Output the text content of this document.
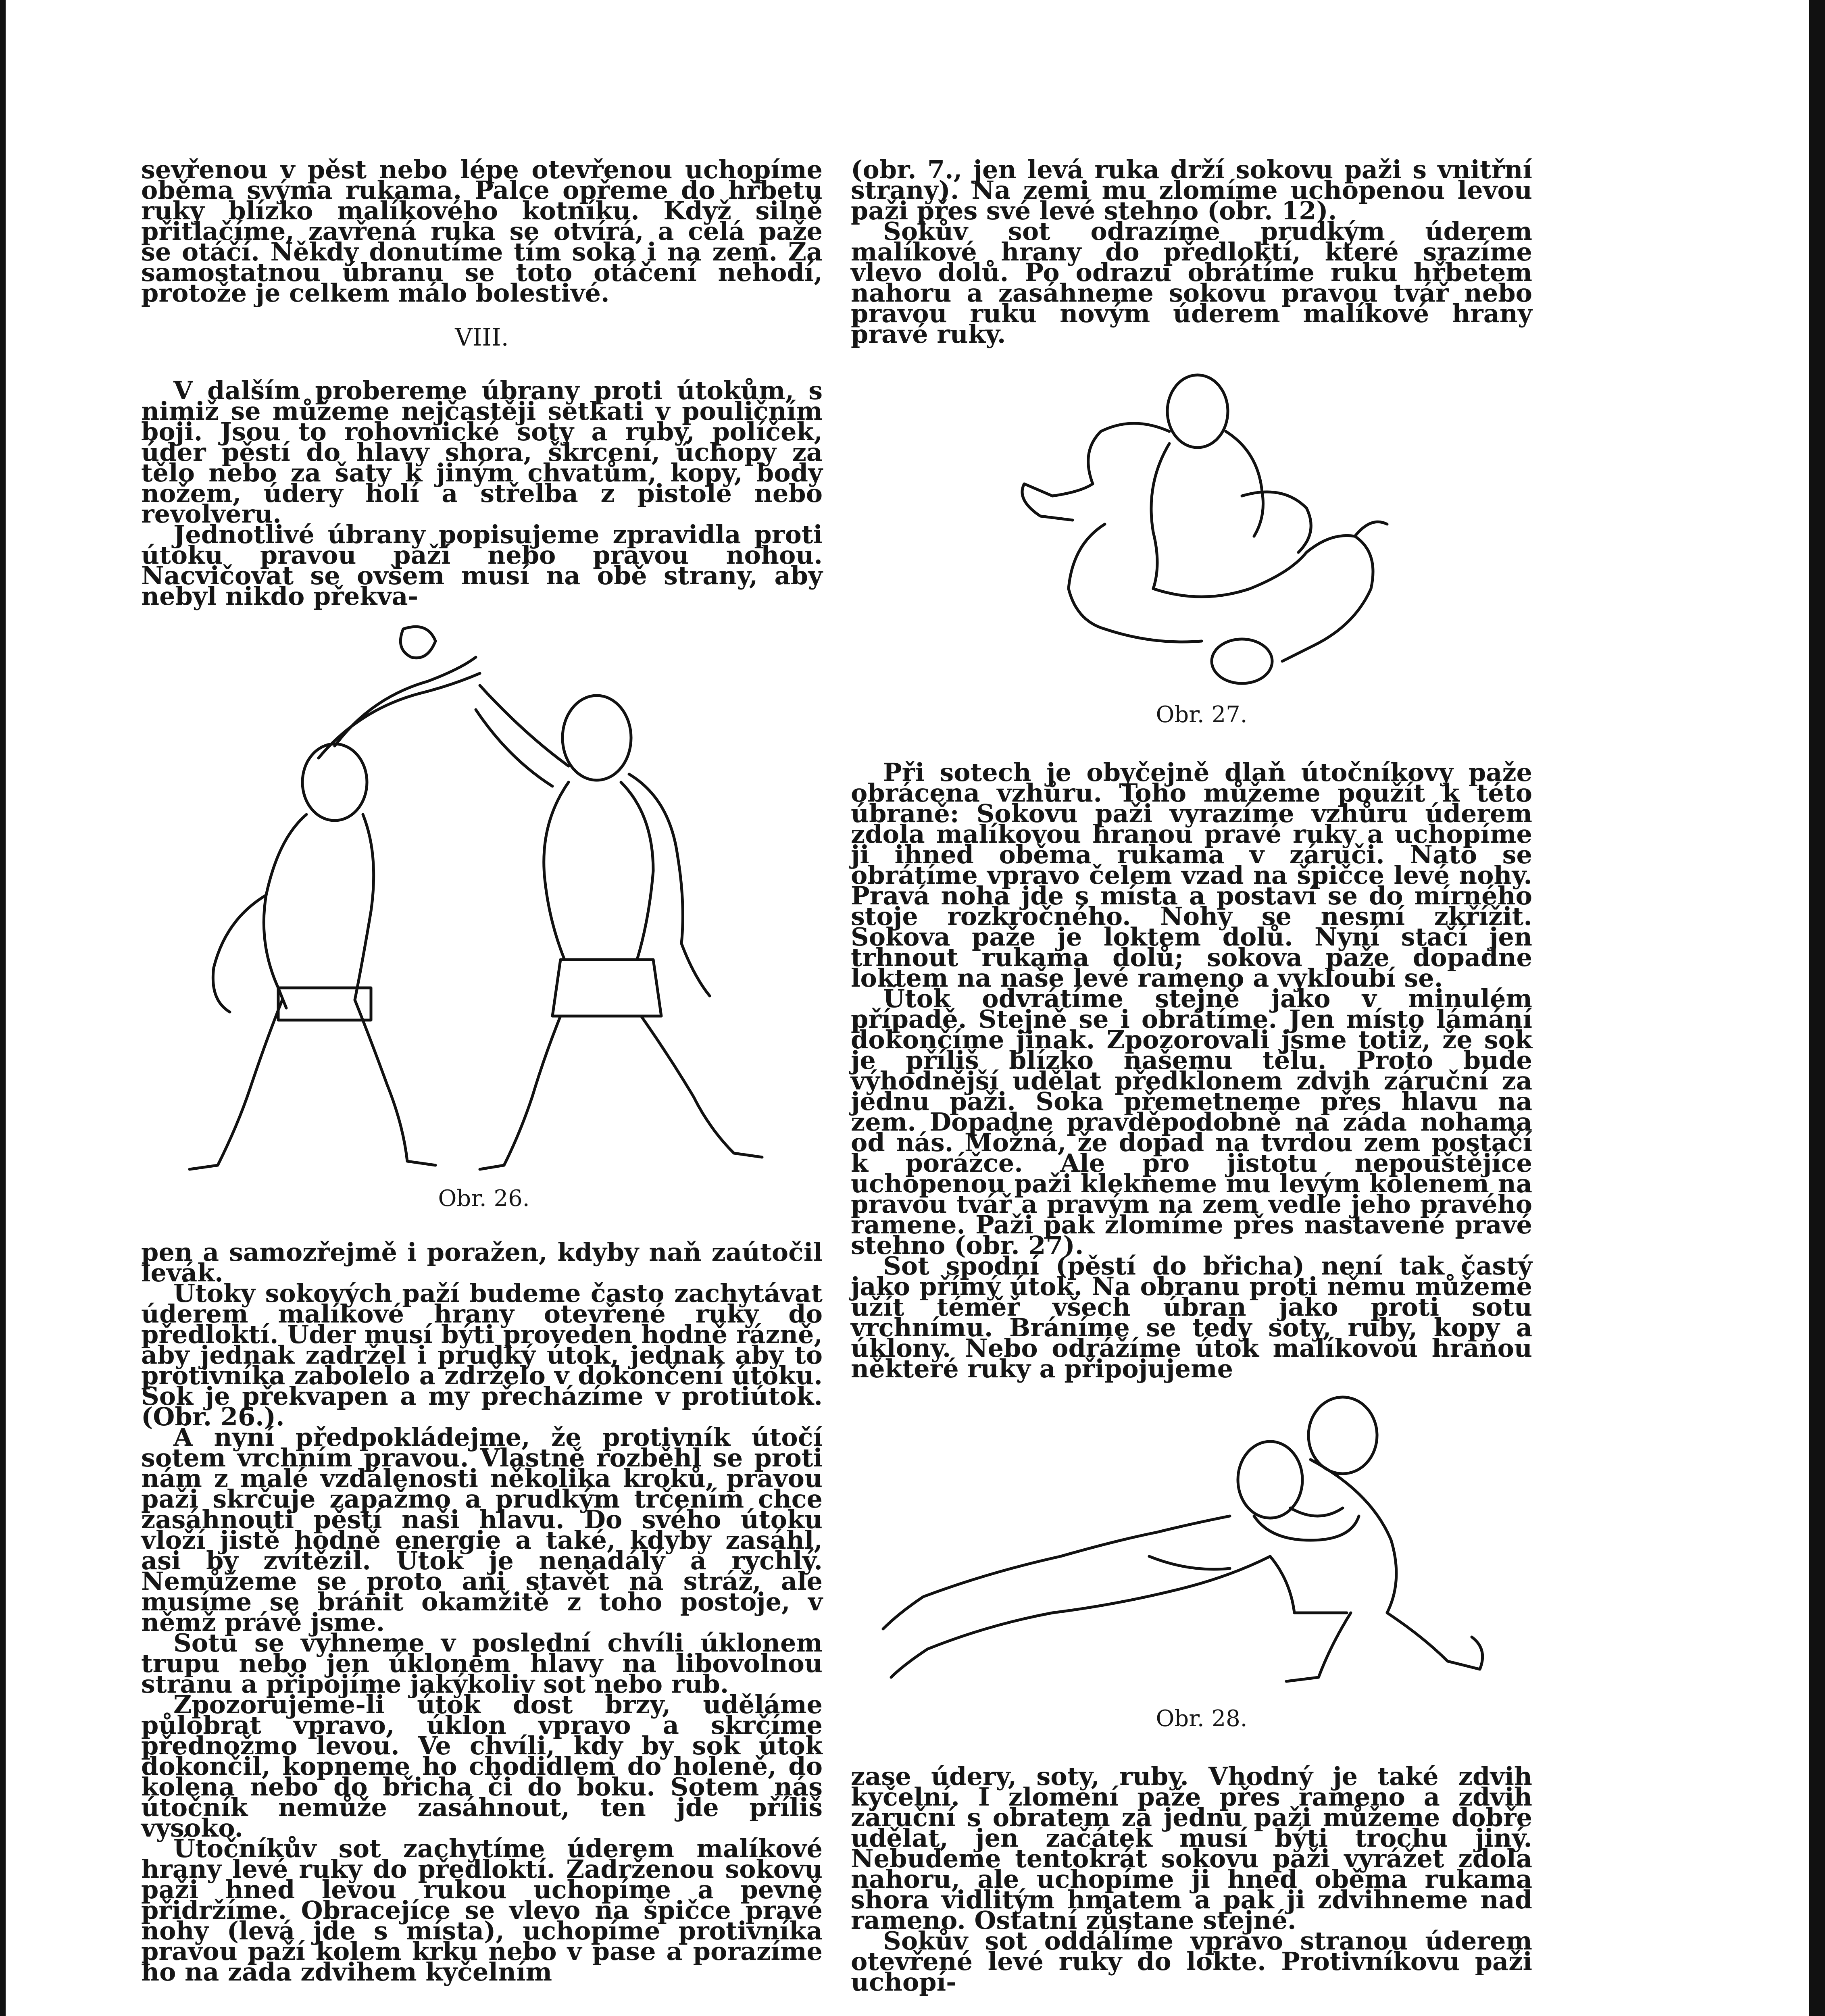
sevřenou v pěst nebo lépe otevřenou uchopíme oběma svýma rukama. Palce opřeme do hřbetu ruky blízko malíkového kotníku. Když silně přitlačíme, zavřená ruka se otvírá, a celá paže se otáčí. Někdy donutíme tím soka i na zem. Za samostatnou úbranu se toto otáčení nehodí, protože je celkem málo bolestivé.

VIII.

V dalším probereme úbrany proti útokům, s nimiž se můžeme nejčastěji setkati v pouličním boji. Jsou to rohovnické soty a ruby, políček, úder pěstí do hlavy shora, škrcení, úchopy za tělo nebo za šaty k jiným chvatům, kopy, body nožem, údery holí a střelba z pistole nebo revolveru.

Jednotlivé úbrany popisujeme zpravidla proti útoku pravou paží nebo pravou nohou. Nacvičovat se ovšem musí na obě strany, aby nebyl nikdo překva-

Obr. 26.

pen a samozřejmě i poražen, kdyby naň zaútočil levák.

Útoky sokových paží budeme často zachytávat úderem malíkové hrany otevřené ruky do předloktí. Úder musí býti proveden hodně rázně, aby jednak zadržel i prudký útok, jednak aby to protivníka zabolelo a zdrželo v dokončení útoku. Sok je překvapen a my přecházíme v protiútok. (Obr. 26.).

A nyní předpokládejme, že protivník útočí sotem vrchním pravou. Vlastně rozběhl se proti nám z malé vzdálenosti několika kroků, pravou paži skrčuje zapažmo a prudkým trčením chce zasáhnouti pěstí naši hlavu. Do svého útoku vloží jistě hodně energie a také, kdyby zasáhl, asi by zvítězil. Útok je nenadálý a rychlý. Nemůžeme se proto ani stavět na stráž, ale musíme se bránit okamžitě z toho postoje, v němž právě jsme.

Sotu se vyhneme v poslední chvíli úklonem trupu nebo jen úklonem hlavy na libovolnou stranu a připojíme jakýkoliv sot nebo rub.

Zpozorujeme-li útok dost brzy, uděláme půlobrat vpravo, úklon vpravo a skrčíme přednožmo levou. Ve chvíli, kdy by sok útok dokončil, kopneme ho chodidlem do holeně, do kolena nebo do břicha či do boku. Sotem nás útočník nemůže zasáhnout, ten jde příliš vysoko.

Útočníkův sot zachytíme úderem malíkové hrany levé ruky do předloktí. Zadrženou sokovu paži hned levou rukou uchopíme a pevně přidržíme. Obracejíce se vlevo na špičce pravé nohy (levá jde s místa), uchopíme protivníka pravou paží kolem krku nebo v pase a porazíme ho na záda zdvihem kyčelním

(obr. 7., jen levá ruka drží sokovu paži s vnitřní strany). Na zemi mu zlomíme uchopenou levou paži přes své levé stehno (obr. 12).

Sokův sot odrazíme prudkým úderem malíkové hrany do předloktí, které srazíme vlevo dolů. Po odrazu obrátíme ruku hřbetem nahoru a zasáhneme sokovu pravou tvář nebo pravou ruku novým úderem malíkové hrany pravé ruky.

Obr. 27.

Při sotech je obyčejně dlaň útočníkovy paže obrácena vzhůru. Toho můžeme použít k této úbraně: Sokovu paži vyrazíme vzhůru úderem zdola malíkovou hranou pravé ruky a uchopíme ji ihned oběma rukama v záruči. Nato se obrátíme vpravo čelem vzad na špičce levé nohy. Pravá noha jde s místa a postaví se do mírného stoje rozkročného. Nohy se nesmí zkřížit. Sokova paže je loktem dolů. Nyní stačí jen trhnout rukama dolů; sokova paže dopadne loktem na naše levé rameno a vykloubí se.

Útok odvrátíme stejně jako v minulém případě. Stejně se i obrátíme. Jen místo lámání dokončíme jinak. Zpozorovali jsme totiž, že sok je příliš blízko našemu tělu. Proto bude výhodnější udělat předklonem zdvih záruční za jednu paži. Soka přemetneme přes hlavu na zem. Dopadne pravděpodobně na záda nohama od nás. Možná, že dopad na tvrdou zem postačí k porážce. Ale pro jistotu nepouštějíce uchopenou paži klekneme mu levým kolenem na pravou tvář a pravým na zem vedle jeho pravého ramene. Paži pak zlomíme přes nastavené pravé stehno (obr. 27).

Sot spodní (pěstí do břicha) není tak častý jako přímý útok. Na obranu proti němu můžeme užít téměř všech úbran jako proti sotu vrchnímu. Bráníme se tedy soty, ruby, kopy a úklony. Nebo odrážíme útok malíkovou hranou některé ruky a připojujeme

Obr. 28.

zase údery, soty, ruby. Vhodný je také zdvih kyčelní. I zlomení paže přes rameno a zdvih záruční s obratem za jednu paži můžeme dobře udělat, jen začátek musí býti trochu jiný. Nebudeme tentokrát sokovu paži vyrážet zdola nahoru, ale uchopíme ji hned oběma rukama shora vidlitým hmatem a pak ji zdvihneme nad rameno. Ostatní zůstane stejné.

Sokův sot oddálíme vpravo stranou úderem otevřené levé ruky do lokte. Protivníkovu paži uchopí-
